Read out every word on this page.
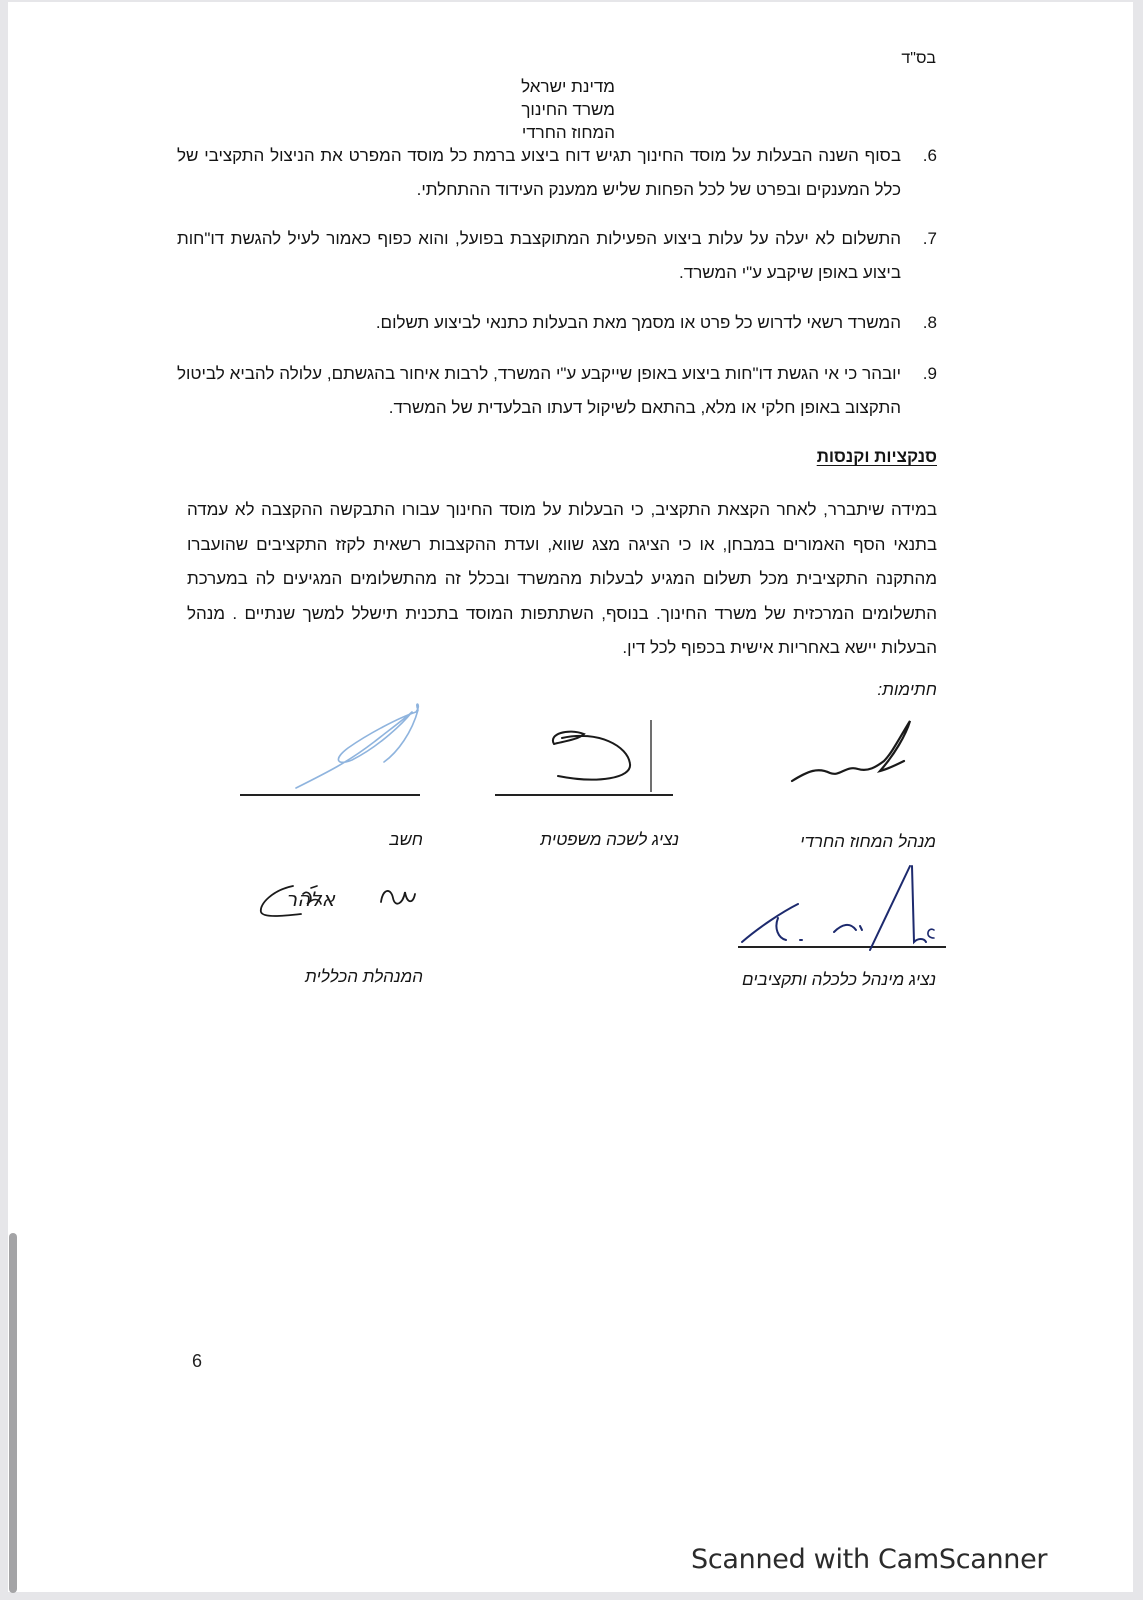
בס"ד
מדינת ישראל
משרד החינוך
המחוז החרדי
6.
בסוף השנה הבעלות על מוסד החינוך תגיש דוח ביצוע ברמת כל מוסד המפרט את הניצול התקציבי של כלל המענקים ובפרט של לכל הפחות שליש ממענק העידוד ההתחלתי.
7.
התשלום לא יעלה על עלות ביצוע הפעילות המתוקצבת בפועל, והוא כפוף כאמור לעיל להגשת דו"חות ביצוע באופן שיקבע ע"י המשרד.
8.
המשרד רשאי לדרוש כל פרט או מסמך מאת הבעלות כתנאי לביצוע תשלום.
9.
יובהר כי אי הגשת דו"חות ביצוע באופן שייקבע ע"י המשרד, לרבות איחור בהגשתם, עלולה להביא לביטול התקצוב באופן חלקי או מלא, בהתאם לשיקול דעתו הבלעדית של המשרד.
סנקציות וקנסות
במידה שיתברר, לאחר הקצאת התקציב, כי הבעלות על מוסד החינוך עבורו התבקשה ההקצבה לא עמדה בתנאי הסף האמורים במבחן, או כי הציגה מצג שווא, ועדת ההקצבות רשאית לקזז התקציבים שהועברו מהתקנה התקציבית מכל תשלום המגיע לבעלות מהמשרד ובכלל זה מהתשלומים המגיעים לה במערכת התשלומים המרכזית של משרד החינוך. בנוסף, השתתפות המוסד בתכנית תישלל למשך שנתיים . מנהל הבעלות יישא באחריות אישית בכפוף לכל דין.
חתימות:
מנהל המחוז החרדי
נציג לשכה משפטית
חשב
אלהר
נציג מינהל כלכלה ותקציבים
המנהלת הכללית
6
Scanned with CamScanner
